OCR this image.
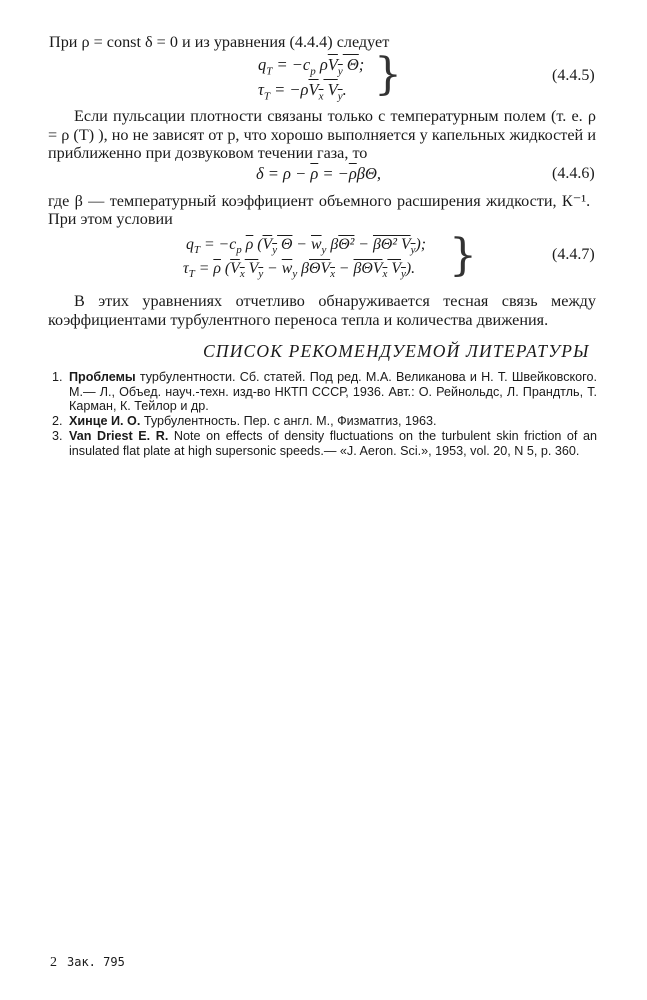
При ρ = const δ = 0 и из уравнения (4.4.4) следует
$q_T = -c_p$ $\rho V_y$ Θ;
$\tau_T = -\rho V_x$ $V_y$. }	(4.4.5)
Если пульсации плотности связаны только с температурным полем (т. е. ρ = ρ (T) ), но не зависят от p, что хорошо выполняется у капельных жидкостей и приближенно при дозвуковом течении газа, то
$\delta = \rho - \overline{\rho} = -\overline{\rho}\beta\Theta$,	(4.4.6)
где β — температурный коэффициент объемного расширения жидкости, К⁻¹.
При этом условии
$q_T = -c_p$ $\overline{\rho}$ ($V_y$ $\Theta - \overline{w}_y$ βΘ² − βΘ² $V_y$);
$\tau_T = \overline{\rho}$ ($V_x$ $V_y - \overline{w}_y$ βΘV$_x$ − βΘV$_x$ $V_y$). }	(4.4.7)
В этих уравнениях отчетливо обнаруживается тесная связь между коэффициентами турбулентного переноса тепла и количества движения.
СПИСОК РЕКОМЕНДУЕМОЙ ЛИТЕРАТУРЫ
1. Проблемы турбулентности. Сб. статей. Под ред. М.А. Великанова и Н. Т. Швейковского. М.— Л., Объед. науч.-техн. изд-во НКТП СССР, 1936. Авт.: О. Рейнольдс, Л. Прандтль, Т. Карман, К. Тейлор и др.
2. Хинце И. О. Турбулентность. Пер. с англ. М., Физматгиз, 1963.
3. Van Driest E. R. Note on effects of density fluctuations on the turbulent skin friction of an insulated flat plate at high supersonic speeds.— «J. Aeron. Sci.», 1953, vol. 20, N 5, p. 360.
2 Зак. 795
